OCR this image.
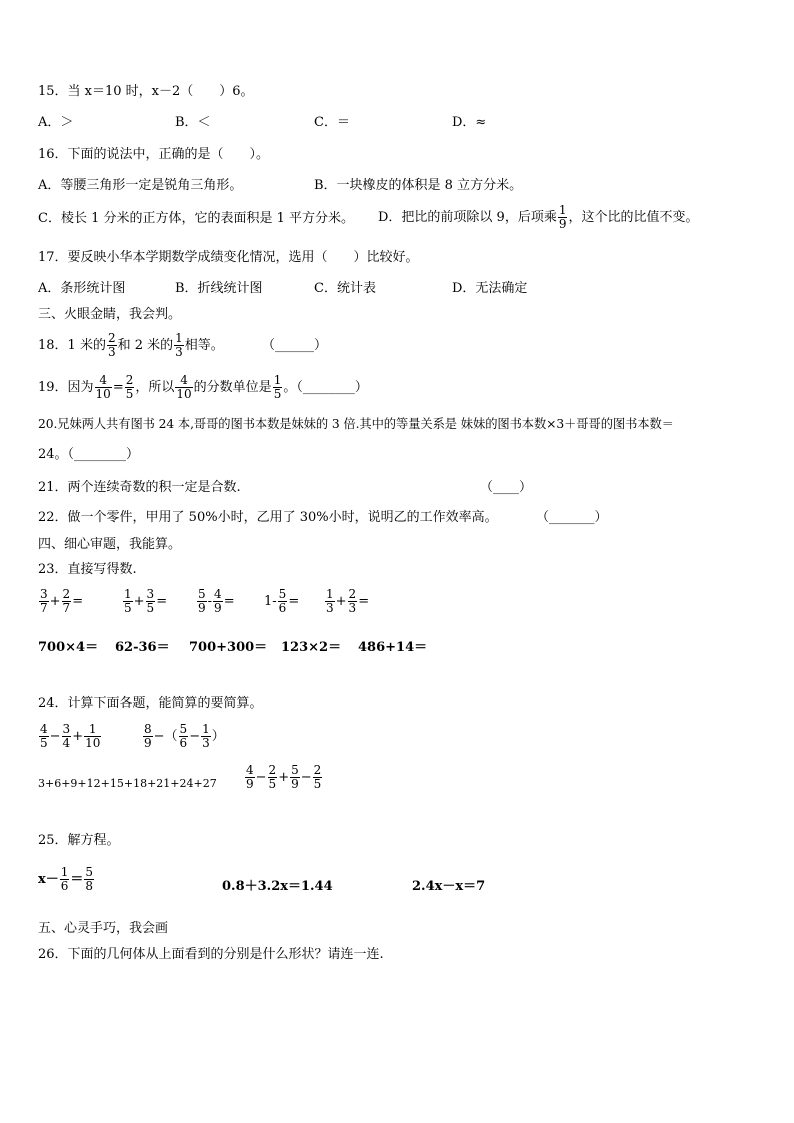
15．当 x＝10 时，x－2（　　）6。
A．＞	B．＜	C．＝	D．≈
16．下面的说法中，正确的是（　　）。
A．等腰三角形一定是锐角三角形。	B．一块橡皮的体积是 8 立方分米。
C．棱长 1 分米的正方体，它的表面积是 1 平方分米。 D．把比的前项除以 9，后项乘 $\frac{1}{9}$ ，这个比的比值不变。
17．要反映小华本学期数学成绩变化情况，选用（　　）比较好。
A．条形统计图	B．折线统计图	C．统计表	D．无法确定
三、火眼金睛，我会判。
18．1 米的 $\frac{2}{3}$ 和 2 米的 $\frac{1}{3}$ 相等。	（______）
19．因为 $\frac{4}{10} = \frac{2}{5}$ ，所以 $\frac{4}{10}$ 的分数单位是 $\frac{1}{5}$ 。（________）
20.兄妹两人共有图书 24 本,哥哥的图书本数是妹妹的 3 倍.其中的等量关系是 妹妹的图书本数×3＋哥哥的图书本数＝
24。（________）
21．两个连续奇数的积一定是合数.	（____）
22．做一个零件，甲用了 50%小时，乙用了 30%小时，说明乙的工作效率高。	（_______）
四、细心审题，我能算。
23．直接写得数.
$\frac{3}{7} + \frac{2}{7}$ =	$\frac{1}{5} + \frac{3}{5} = \frac{5}{9} - \frac{4}{9} = 1- \frac{5}{6} = \frac{1}{3} + \frac{2}{3}$ =
700×4＝ 62-36＝ 700+300＝ 123×2＝ 486+14＝
24．计算下面各题，能简算的要简算。
$\frac{4}{5} - \frac{3}{4} + \frac{1}{10}$	$\frac{8}{9}$ −（ $\frac{5}{6} - \frac{1}{3}$ ）
$3+6+9+12+15+18+21+24+27 \frac{4}{9} - \frac{2}{5} + \frac{5}{9} - \frac{2}{5}$
25．解方程。
$x- \frac{1}{6} = \frac{5}{8}$	0.8＋3.2x＝1.44	2.4x－x＝7
五、心灵手巧，我会画
26．下面的几何体从上面看到的分别是什么形状？请连一连.
